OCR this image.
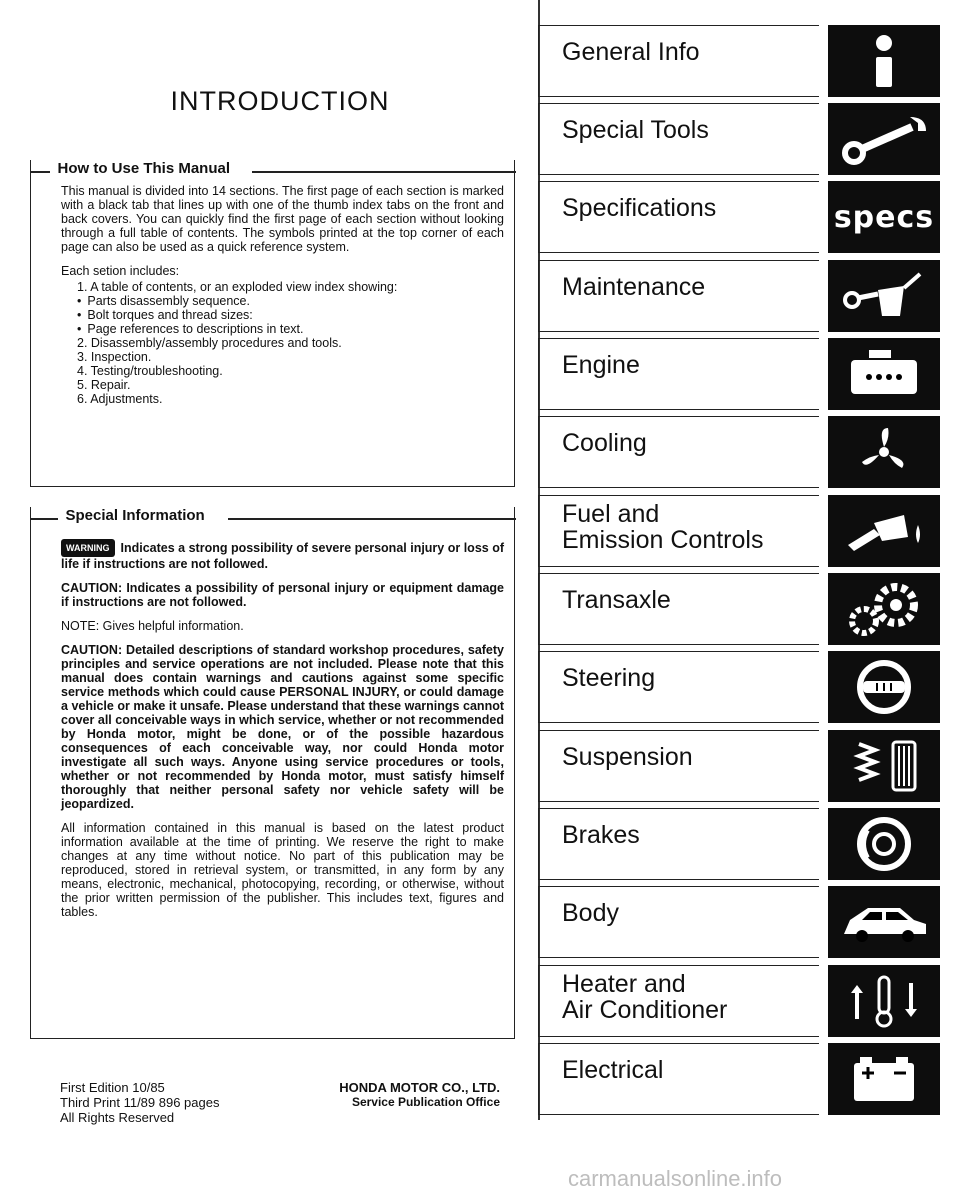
INTRODUCTION
How to Use This Manual

This manual is divided into 14 sections. The first page of each section is marked with a black tab that lines up with one of the thumb index tabs on the front and back covers. You can quickly find the first page of each section without looking through a full table of contents. The symbols printed at the top corner of each page can also be used as a quick reference system.

Each setion includes:

1. A table of contents, or an exploded view index showing:
• Parts disassembly sequence.
• Bolt torques and thread sizes:
• Page references to descriptions in text.
2. Disassembly/assembly procedures and tools.
3. Inspection.
4. Testing/troubleshooting.
5. Repair.
6. Adjustments.
Special Information

WARNING Indicates a strong possibility of severe personal injury or loss of life if instructions are not followed.

CAUTION: Indicates a possibility of personal injury or equipment damage if instructions are not followed.

NOTE: Gives helpful information.

CAUTION: Detailed descriptions of standard workshop procedures, safety principles and service operations are not included. Please note that this manual does contain warnings and cautions against some specific service methods which could cause PERSONAL INJURY, or could damage a vehicle or make it unsafe. Please understand that these warnings cannot cover all conceivable ways in which service, whether or not recommended by Honda motor, might be done, or of the possible hazardous consequences of each conceivable way, nor could Honda motor investigate all such ways. Anyone using service procedures or tools, whether or not recommended by Honda motor, must satisfy himself thoroughly that neither personal safety nor vehicle safety will be jeopardized.

All information contained in this manual is based on the latest product information available at the time of printing. We reserve the right to make changes at any time without notice. No part of this publication may be reproduced, stored in retrieval system, or transmitted, in any form by any means, electronic, mechanical, photocopying, recording, or otherwise, without the prior written permission of the publisher. This includes text, figures and tables.

First Edition 10/85
Third Print 11/89 896 pages
All Rights Reserved
HONDA MOTOR CO., LTD.
Service Publication Office
General Info
Special Tools
Specifications	specs
Maintenance
Engine
Cooling
Fuel and
Emission Controls
Transaxle
Steering
Suspension
Brakes
Body
Heater and
Air Conditioner
Electrical
carmanualsonline.info
